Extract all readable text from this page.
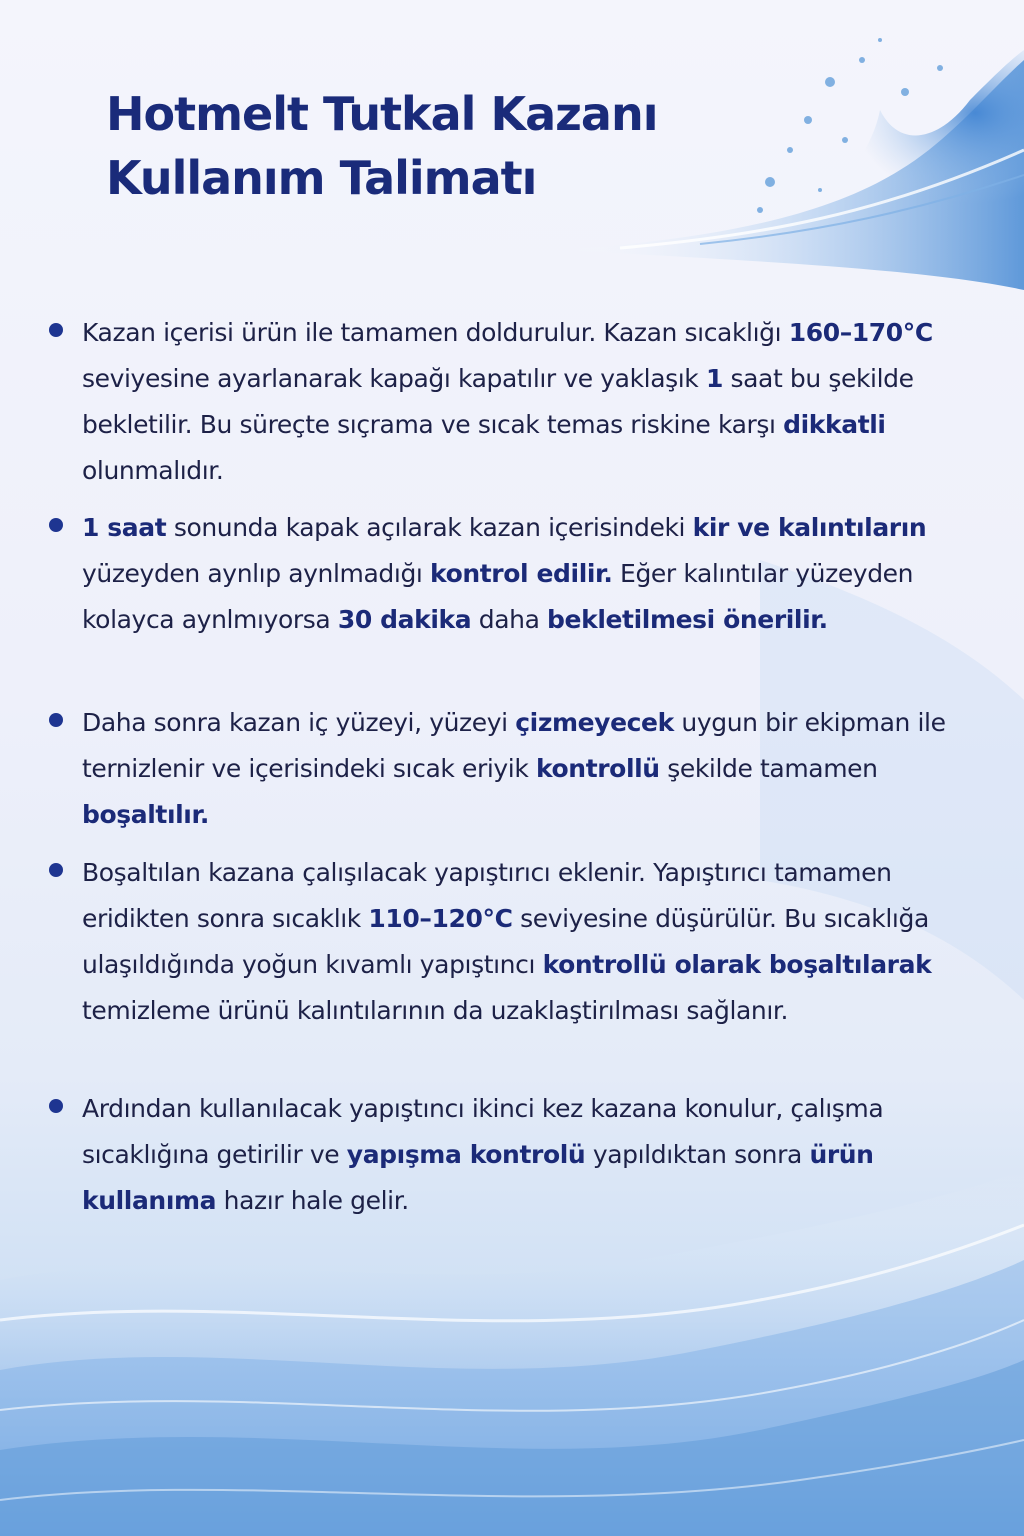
Hotmelt Tutkal Kazanı
Kullanım Talimatı

Kazan içerisi ürün ile tamamen doldurulur. Kazan sıcaklığı 160–170°C seviyesine ayarlanarak kapağı kapatılır ve yaklaşık 1 saat bu şekilde bekletilir. Bu süreçte sıçrama ve sıcak temas riskine karşı dikkatli olunmalıdır.

1 saat sonunda kapak açılarak kazan içerisindeki kir ve kalıntıların yüzeyden aynlıp aynlmadığı kontrol edilir. Eğer kalıntılar yüzeyden kolayca aynlmıyorsa 30 dakika daha bekletilmesi önerilir.

Daha sonra kazan iç yüzeyi, yüzeyi çizmeyecek uygun bir ekipman ile ternizlenir ve içerisindeki sıcak eriyik kontrollü şekilde tamamen boşaltılır.

Boşaltılan kazana çalışılacak yapıştırıcı eklenir. Yapıştırıcı tamamen eridikten sonra sıcaklık 110–120°C seviyesine düşürülür. Bu sıcaklığa ulaşıldığında yoğun kıvamlı yapıştıncı kontrollü olarak boşaltılarak temizleme ürünü kalıntılarının da uzaklaştirılması sağlanır.

Ardından kullanılacak yapıştıncı ikinci kez kazana konulur, çalışma sıcaklığına getirilir ve yapışma kontrolü yapıldıktan sonra ürün kullanıma hazır hale gelir.
